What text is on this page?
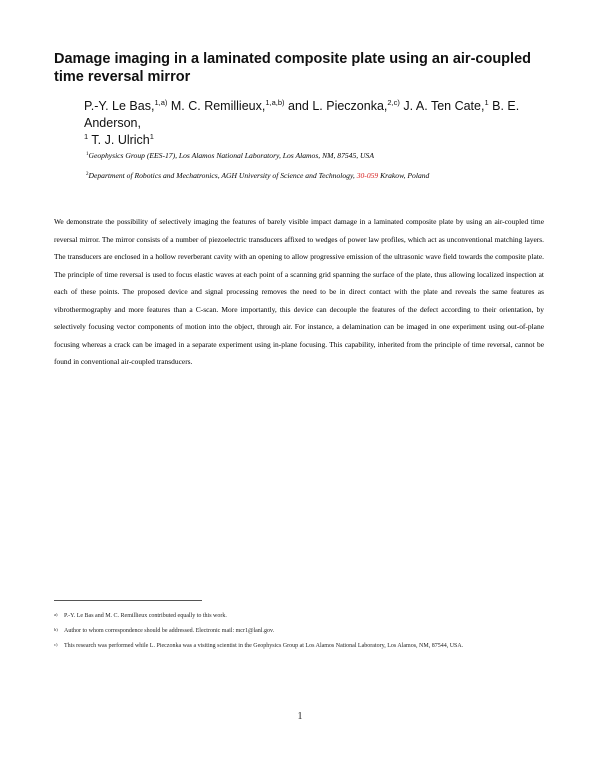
Damage imaging in a laminated composite plate using an air-coupled time reversal mirror
P.-Y. Le Bas,$^{1,a)}$ M. C. Remillieux,$^{1,a,b)}$ and L. Pieczonka,$^{2,c)}$ J. A. Ten Cate,$^1$ B. E. Anderson,
$^1$ T. J. Ulrich$^1$
$^1$Geophysics Group (EES-17), Los Alamos National Laboratory, Los Alamos, NM, 87545, USA
$^2$Department of Robotics and Mechatronics, AGH University of Science and Technology, 30-059 Krakow, Poland

We demonstrate the possibility of selectively imaging the features of barely visible impact damage in a laminated composite plate by using an air-coupled time reversal mirror. The mirror consists of a number of piezoelectric transducers affixed to wedges of power law profiles, which act as unconventional matching layers. The transducers are enclosed in a hollow reverberant cavity with an opening to allow progressive emission of the ultrasonic wave field towards the composite plate. The principle of time reversal is used to focus elastic waves at each point of a scanning grid spanning the surface of the plate, thus allowing localized inspection at each of these points. The proposed device and signal processing removes the need to be in direct contact with the plate and reveals the same features as vibrothermography and more features than a C-scan. More importantly, this device can decouple the features of the defect according to their orientation, by selectively focusing vector components of motion into the object, through air. For instance, a delamination can be imaged in one experiment using out-of-plane focusing whereas a crack can be imaged in a separate experiment using in-plane focusing. This capability, inherited from the principle of time reversal, cannot be found in conventional air-coupled transducers.

a) P.-Y. Le Bas and M. C. Remillieux contributed equally to this work.
b) Author to whom correspondence should be addressed. Electronic mail: mcr1@lanl.gov.
c) This research was performed while L. Pieczonka was a visiting scientist in the Geophysics Group at Los Alamos National Laboratory, Los Alamos, NM, 87544, USA.
1
